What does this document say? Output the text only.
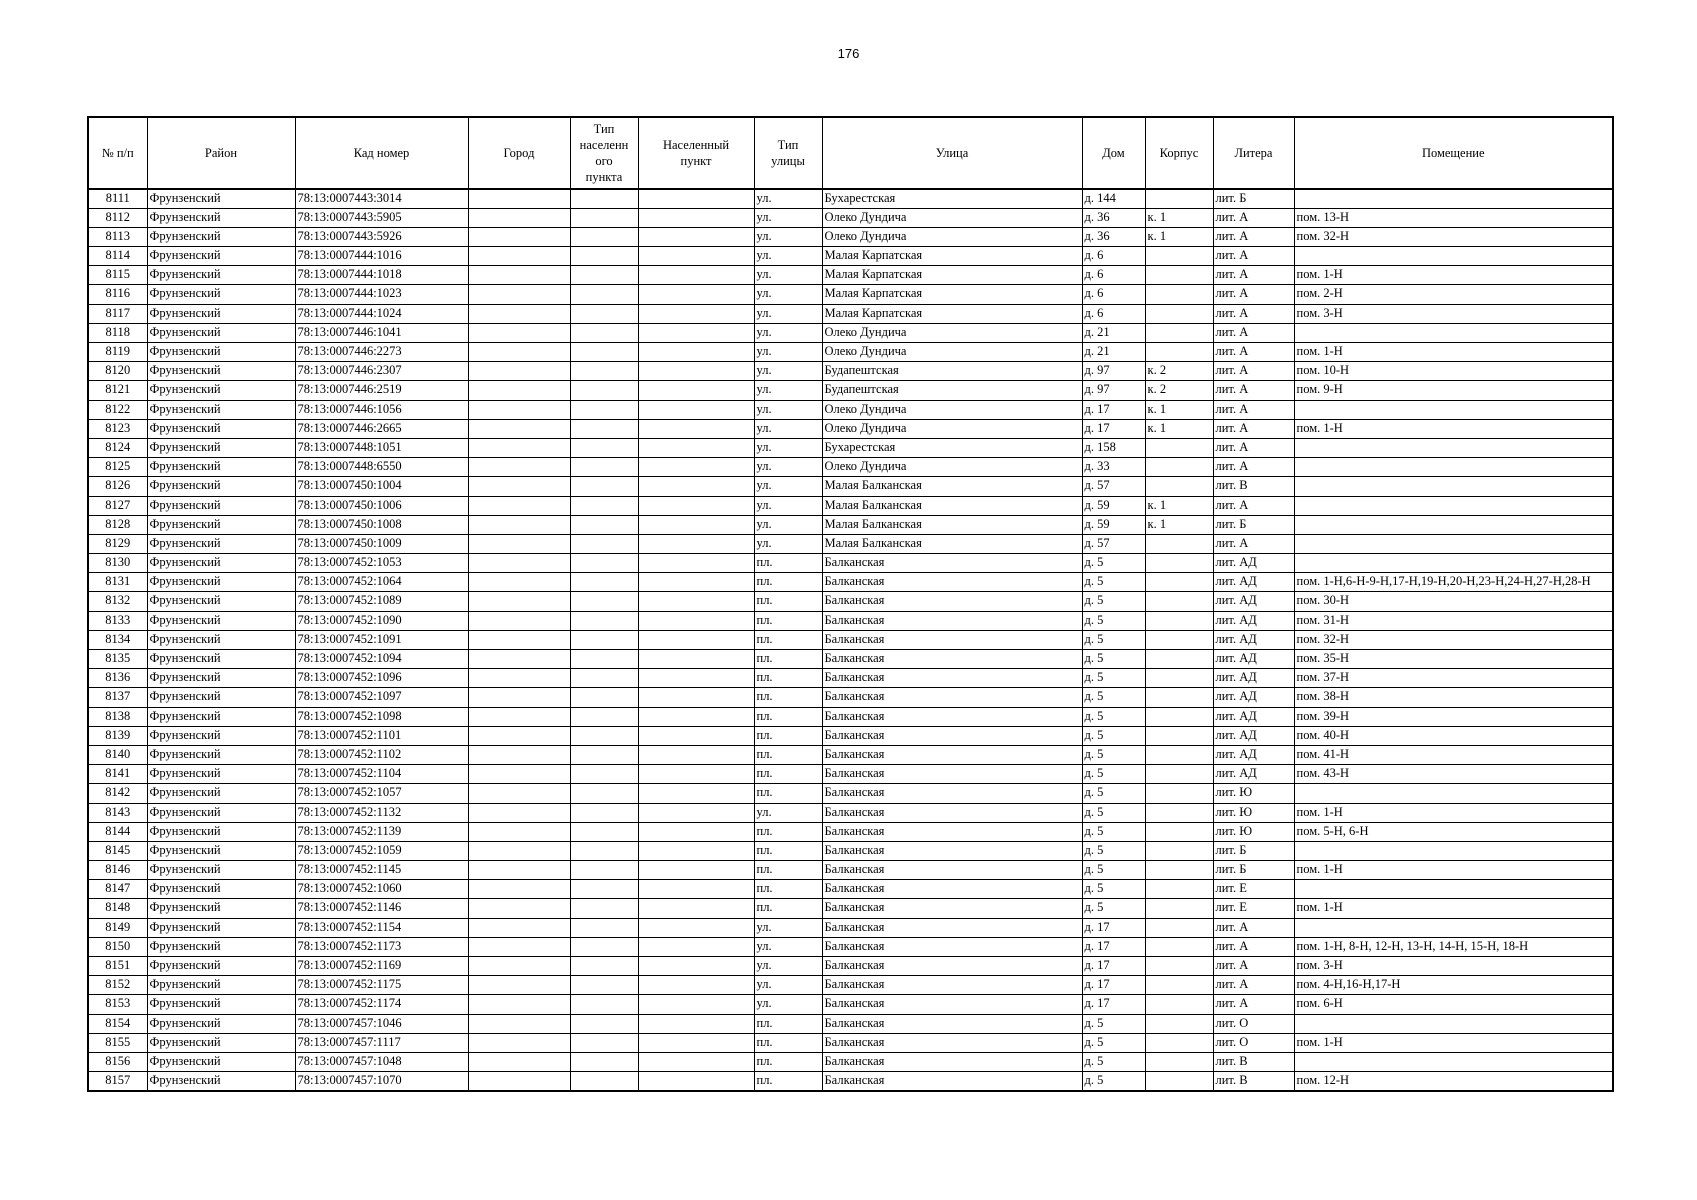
176
№ п/п	Район	Кад номер	Город	Тип
населенн
ого
пункта	Населенный
пункт	Тип
улицы	Улица	Дом	Корпус	Литера	Помещение
8111	Фрунзенский	78:13:0007443:3014				ул.	Бухарестская	д. 144		лит. Б	
8112	Фрунзенский	78:13:0007443:5905				ул.	Олеко Дундича	д. 36	к. 1	лит. А	пом. 13-Н
8113	Фрунзенский	78:13:0007443:5926				ул.	Олеко Дундича	д. 36	к. 1	лит. А	пом. 32-Н
8114	Фрунзенский	78:13:0007444:1016				ул.	Малая Карпатская	д. 6		лит. А	
8115	Фрунзенский	78:13:0007444:1018				ул.	Малая Карпатская	д. 6		лит. А	пом. 1-Н
8116	Фрунзенский	78:13:0007444:1023				ул.	Малая Карпатская	д. 6		лит. А	пом. 2-Н
8117	Фрунзенский	78:13:0007444:1024				ул.	Малая Карпатская	д. 6		лит. А	пом. 3-Н
8118	Фрунзенский	78:13:0007446:1041				ул.	Олеко Дундича	д. 21		лит. А	
8119	Фрунзенский	78:13:0007446:2273				ул.	Олеко Дундича	д. 21		лит. А	пом. 1-Н
8120	Фрунзенский	78:13:0007446:2307				ул.	Будапештская	д. 97	к. 2	лит. А	пом. 10-Н
8121	Фрунзенский	78:13:0007446:2519				ул.	Будапештская	д. 97	к. 2	лит. А	пом. 9-Н
8122	Фрунзенский	78:13:0007446:1056				ул.	Олеко Дундича	д. 17	к. 1	лит. А	
8123	Фрунзенский	78:13:0007446:2665				ул.	Олеко Дундича	д. 17	к. 1	лит. А	пом. 1-Н
8124	Фрунзенский	78:13:0007448:1051				ул.	Бухарестская	д. 158		лит. А	
8125	Фрунзенский	78:13:0007448:6550				ул.	Олеко Дундича	д. 33		лит. А	
8126	Фрунзенский	78:13:0007450:1004				ул.	Малая Балканская	д. 57		лит. В	
8127	Фрунзенский	78:13:0007450:1006				ул.	Малая Балканская	д. 59	к. 1	лит. А	
8128	Фрунзенский	78:13:0007450:1008				ул.	Малая Балканская	д. 59	к. 1	лит. Б	
8129	Фрунзенский	78:13:0007450:1009				ул.	Малая Балканская	д. 57		лит. А	
8130	Фрунзенский	78:13:0007452:1053				пл.	Балканская	д. 5		лит. АД	
8131	Фрунзенский	78:13:0007452:1064				пл.	Балканская	д. 5		лит. АД	пом. 1-Н,6-Н-9-Н,17-Н,19-Н,20-Н,23-Н,24-Н,27-Н,28-Н
8132	Фрунзенский	78:13:0007452:1089				пл.	Балканская	д. 5		лит. АД	пом. 30-Н
8133	Фрунзенский	78:13:0007452:1090				пл.	Балканская	д. 5		лит. АД	пом. 31-Н
8134	Фрунзенский	78:13:0007452:1091				пл.	Балканская	д. 5		лит. АД	пом. 32-Н
8135	Фрунзенский	78:13:0007452:1094				пл.	Балканская	д. 5		лит. АД	пом. 35-Н
8136	Фрунзенский	78:13:0007452:1096				пл.	Балканская	д. 5		лит. АД	пом. 37-Н
8137	Фрунзенский	78:13:0007452:1097				пл.	Балканская	д. 5		лит. АД	пом. 38-Н
8138	Фрунзенский	78:13:0007452:1098				пл.	Балканская	д. 5		лит. АД	пом. 39-Н
8139	Фрунзенский	78:13:0007452:1101				пл.	Балканская	д. 5		лит. АД	пом. 40-Н
8140	Фрунзенский	78:13:0007452:1102				пл.	Балканская	д. 5		лит. АД	пом. 41-Н
8141	Фрунзенский	78:13:0007452:1104				пл.	Балканская	д. 5		лит. АД	пом. 43-Н
8142	Фрунзенский	78:13:0007452:1057				пл.	Балканская	д. 5		лит. Ю	
8143	Фрунзенский	78:13:0007452:1132				ул.	Балканская	д. 5		лит. Ю	пом. 1-Н
8144	Фрунзенский	78:13:0007452:1139				пл.	Балканская	д. 5		лит. Ю	пом. 5-Н, 6-Н
8145	Фрунзенский	78:13:0007452:1059				пл.	Балканская	д. 5		лит. Б	
8146	Фрунзенский	78:13:0007452:1145				пл.	Балканская	д. 5		лит. Б	пом. 1-Н
8147	Фрунзенский	78:13:0007452:1060				пл.	Балканская	д. 5		лит. Е	
8148	Фрунзенский	78:13:0007452:1146				пл.	Балканская	д. 5		лит. Е	пом. 1-Н
8149	Фрунзенский	78:13:0007452:1154				ул.	Балканская	д. 17		лит. А	
8150	Фрунзенский	78:13:0007452:1173				ул.	Балканская	д. 17		лит. А	пом. 1-Н, 8-Н, 12-Н, 13-Н, 14-Н, 15-Н, 18-Н
8151	Фрунзенский	78:13:0007452:1169				ул.	Балканская	д. 17		лит. А	пом. 3-Н
8152	Фрунзенский	78:13:0007452:1175				ул.	Балканская	д. 17		лит. А	пом. 4-Н,16-Н,17-Н
8153	Фрунзенский	78:13:0007452:1174				ул.	Балканская	д. 17		лит. А	пом. 6-Н
8154	Фрунзенский	78:13:0007457:1046				пл.	Балканская	д. 5		лит. О	
8155	Фрунзенский	78:13:0007457:1117				пл.	Балканская	д. 5		лит. О	пом. 1-Н
8156	Фрунзенский	78:13:0007457:1048				пл.	Балканская	д. 5		лит. В	
8157	Фрунзенский	78:13:0007457:1070				пл.	Балканская	д. 5		лит. В	пом. 12-Н
